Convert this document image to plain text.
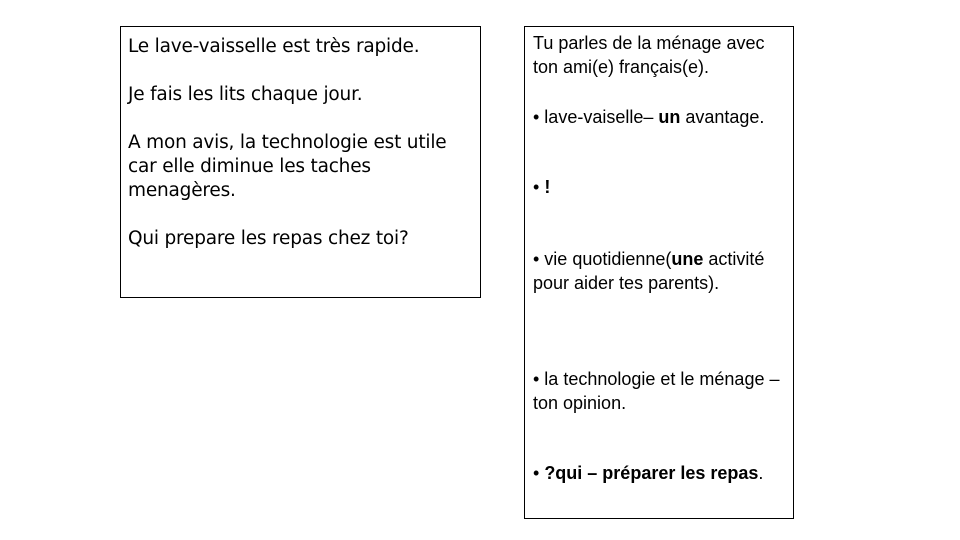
Le lave-vaisselle est très rapide.

Je fais les lits chaque jour.

A mon avis, la technologie est utile car elle diminue les taches menagères.

Qui prepare les repas chez toi?

Tu parles de la ménage avec ton ami(e) français(e).

• lave-vaiselle– un avantage.

• !

• vie quotidienne(une activité pour aider tes parents).

• la technologie et le ménage – ton opinion.

• ?qui – préparer les repas.
